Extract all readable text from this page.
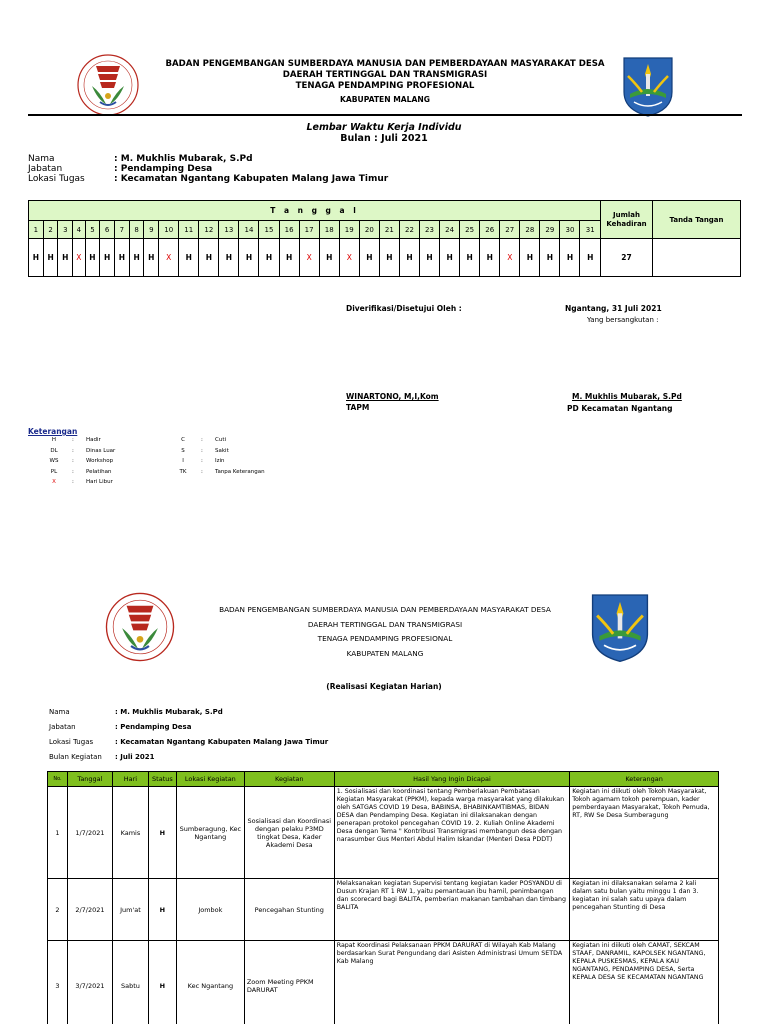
BADAN PENGEMBANGAN SUMBERDAYA MANUSIA DAN PEMBERDAYAAN MASYARAKAT DESA
DAERAH TERTINGGAL DAN TRANSMIGRASI
TENAGA PENDAMPING PROFESIONAL
KABUPATEN MALANG
Lembar Waktu Kerja Individu
Bulan : Juli 2021
Nama	: M. Mukhlis Mubarak, S.Pd
Jabatan	: Pendamping Desa
Lokasi Tugas	: Kecamatan Ngantang Kabupaten Malang Jawa Timur
T a n g g a l																															Jumlah Kehadiran	Tanda Tangan
1	2	3	4	5	6	7	8	9	10	11	12	13	14	15	16	17	18	19	20	21	22	23	24	25	26	27	28	29	30	31		
H	H	H	X	H	H	H	H	H	X	H	H	H	H	H	H	X	H	X	H	H	H	H	H	H	H	X	H	H	H	H	27	
Diverifikasi/Disetujui Oleh :	Ngantang, 31 Juli 2021
Yang bersangkutan :
WINARTONO, M,I,Kom
TAPM
M. Mukhlis Mubarak, S.Pd
PD Kecamatan Ngantang
Keterangan
H	: Hadir
DL	: Dinas Luar
WS	: Workshop
PL	: Pelatihan
X	: Hari Libur
C	: Cuti
S	: Sakit
I	: Izin
TK	: Tanpa Keterangan
BADAN PENGEMBANGAN SUMBERDAYA MANUSIA DAN PEMBERDAYAAN MASYARAKAT DESA
DAERAH TERTINGGAL DAN TRANSMIGRASI
TENAGA PENDAMPING PROFESIONAL
KABUPATEN MALANG
(Realisasi Kegiatan Harian)
Nama	: M. Mukhlis Mubarak, S.Pd
Jabatan	: Pendamping Desa
Lokasi Tugas	: Kecamatan Ngantang Kabupaten Malang Jawa Timur
Bulan Kegiatan	: Juli 2021
No.	Tanggal	Hari	Status	Lokasi Kegiatan	Kegiatan	Hasil Yang Ingin Dicapai	Keterangan
1	1/7/2021	Kamis	H	Sumberagung, Kec Ngantang	Sosialisasi dan Koordinasi dengan pelaku P3MD tingkat Desa, Kader Akademi Desa	1. Sosialisasi dan koordinasi tentang Pemberlakuan Pembatasan Kegiatan Masyarakat (PPKM), kepada warga masyarakat yang dilakukan oleh SATGAS COVID 19 Desa, BABINSA, BHABINKAMTIBMAS, BIDAN DESA dan Pendamping Desa. Kegiatan ini dilaksanakan dengan penerapan protokol pencegahan COVID 19. 2. Kuliah Online Akademi Desa dengan Tema " Kontribusi Transmigrasi membangun desa dengan narasumber Gus Menteri Abdul Halim Iskandar (Menteri Desa PDDT)	Kegiatan ini diikuti oleh Tokoh Masyarakat, Tokoh agamam tokoh perempuan, kader pemberdayaan Masyarakat, Tokoh Pemuda, RT, RW Se Desa Sumberagung
2	2/7/2021	Jum'at	H	Jombok	Pencegahan Stunting	Melaksanakan kegiatan Supervisi tentang kegiatan kader POSYANDU di Dusun Krajan RT 1 RW 1, yaitu pemantauan ibu hamil, penimbangan dan scorecard bagi BALITA, pemberian makanan tambahan dan timbang BALITA	Kegiatan ini dilaksanakan selama 2 kali dalam satu bulan yaitu minggu 1 dan 3. kegiatan ini salah satu upaya dalam pencegahan Stunting di Desa
3	3/7/2021	Sabtu	H	Kec Ngantang	Zoom Meeting PPKM DARURAT	Rapat Koordinasi Pelaksanaan PPKM DARURAT di Wilayah Kab Malang berdasarkan Surat Pengundang dari Asisten Administrasi Umum SETDA Kab Malang	Kegiatan ini diikuti oleh CAMAT, SEKCAM STAAF, DANRAMIL, KAPOLSEK NGANTANG, KEPALA PUSKESMAS, KEPALA KAU NGANTANG, PENDAMPING DESA, Serta KEPALA DESA SE KECAMATAN NGANTANG
